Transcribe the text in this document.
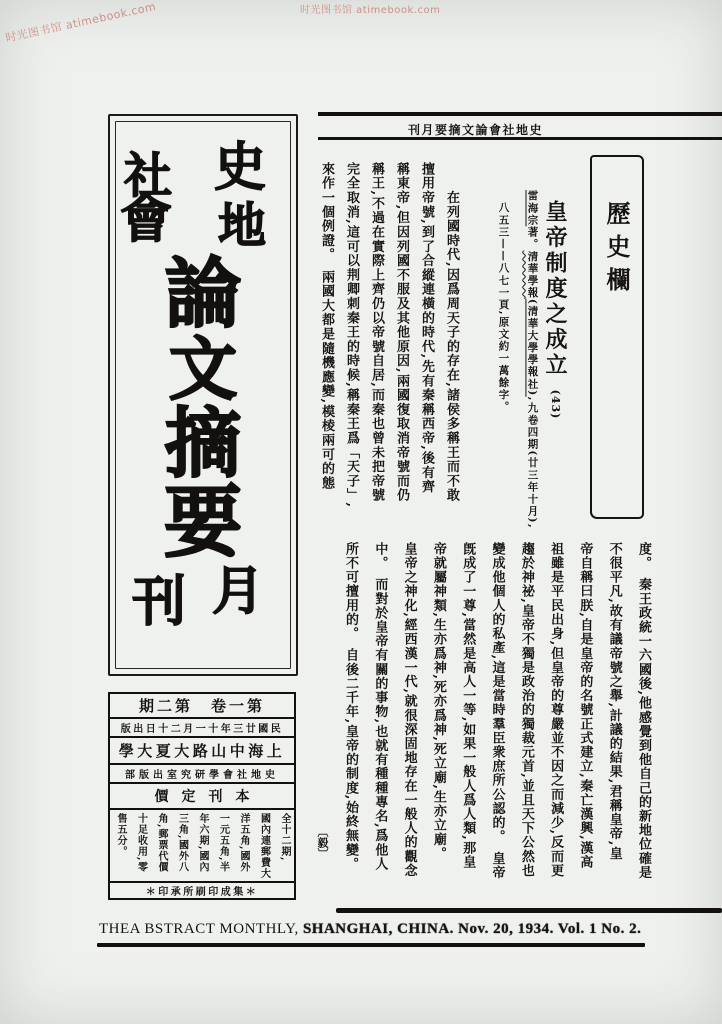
时光图书馆 atimebook.com	时光图书馆 atimebook.com
史
地
社
會
論
文
摘
要
月
刊
刊月要摘文論會社地史
歷史欄
皇帝制度之成立 (43)
雷海宗著。清華學報(清華大學學報社),九卷四期(廿三年十月),
八五三——八七一頁,原文約一萬餘字。
　　在列國時代,因爲周天子的存在,諸侯多稱王而不敢
擅用帝號,到了合縱連橫的時代,先有秦稱西帝,後有齊
稱東帝,但因列國不服及其他原因,兩國復取消帝號而仍
稱王,不過在實際上齊仍以帝號自居,而秦也曾未把帝號
完全取消,這可以荆卿刺秦王的時候,稱秦王爲「天子」,
來作一個例證。　兩國大都是隨機應變,模棱兩可的態
度。　秦王政統一六國後,他感覺到他自己的新地位確是
不很平凡,故有議帝號之舉,計議的結果,君稱皇帝,皇
帝自稱曰朕,自是皇帝的名號正式建立,秦亡漢興,漢高
祖雖是平民出身,但皇帝的尊嚴並不因之而減少,反而更
趨於神祕,皇帝不獨是政治的獨裁元首,並且天下公然也
變成他個人的私產,這是當時羣臣衆庶所公認的。　皇帝
旣成了一尊,當然是高人一等,如果一般人爲人類,那皇
帝就屬神類,生亦爲神,死亦爲神,死立廟,生亦立廟。
皇帝之神化,經西漢一代,就很深固地存在一般人的觀念
中。　而對於皇帝有關的事物,也就有種種專名,爲他人
所不可擅用的。　自後二千年,皇帝的制度,始終無變。
〔毅〕
期二第　卷一第
版出日十二月一十年三廿國民
學大夏大路山中海上
部版出室究研學會社地史
價定刊本
全十二期,
國內連郵費大
洋五角,國外
一元五角,半
年六期,國內
三角,國外八
角,郵票代價
十足收用,零
售五分。
＊印承所刷印成集＊
THEA BSTRACT MONTHLY, SHANGHAI, CHINA. Nov. 20, 1934. Vol. 1 No. 2.
